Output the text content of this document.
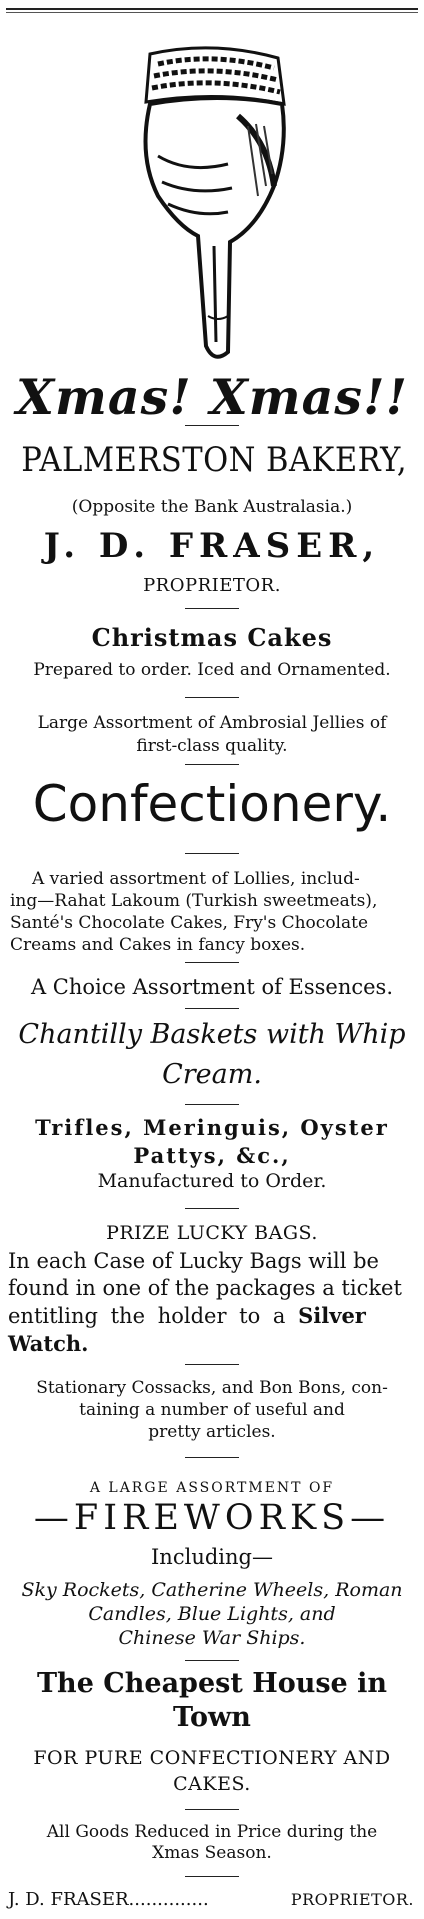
Xmas! Xmas!!
PALMERSTON BAKERY,
(Opposite the Bank Australasia.)
J. D. FRASER,
PROPRIETOR.
Christmas Cakes
Prepared to order. Iced and Ornamented.
Large Assortment of Ambrosial Jellies of
first-class quality.
Confectionery.
A varied assortment of Lollies, includ-
ing—Rahat Lakoum (Turkish sweetmeats),
Santé's Chocolate Cakes, Fry's Chocolate
Creams and Cakes in fancy boxes.
A Choice Assortment of Essences.
Chantilly Baskets with Whip
Cream.
Trifles, Meringuis, Oyster
Pattys, &c.,
Manufactured to Order.
PRIZE LUCKY BAGS.
In each Case of Lucky Bags will be
found in one of the packages a ticket
entitling the holder to a Silver
Watch.
Stationary Cossacks, and Bon Bons, con-
taining a number of useful and
pretty articles.
A LARGE ASSORTMENT OF
—FIREWORKS—
Including—
Sky Rockets, Catherine Wheels, Roman
Candles, Blue Lights, and
Chinese War Ships.
The Cheapest House in
Town
FOR PURE CONFECTIONERY AND
CAKES.
All Goods Reduced in Price during the
Xmas Season.
J. D. FRASER..............	PROPRIETOR.
